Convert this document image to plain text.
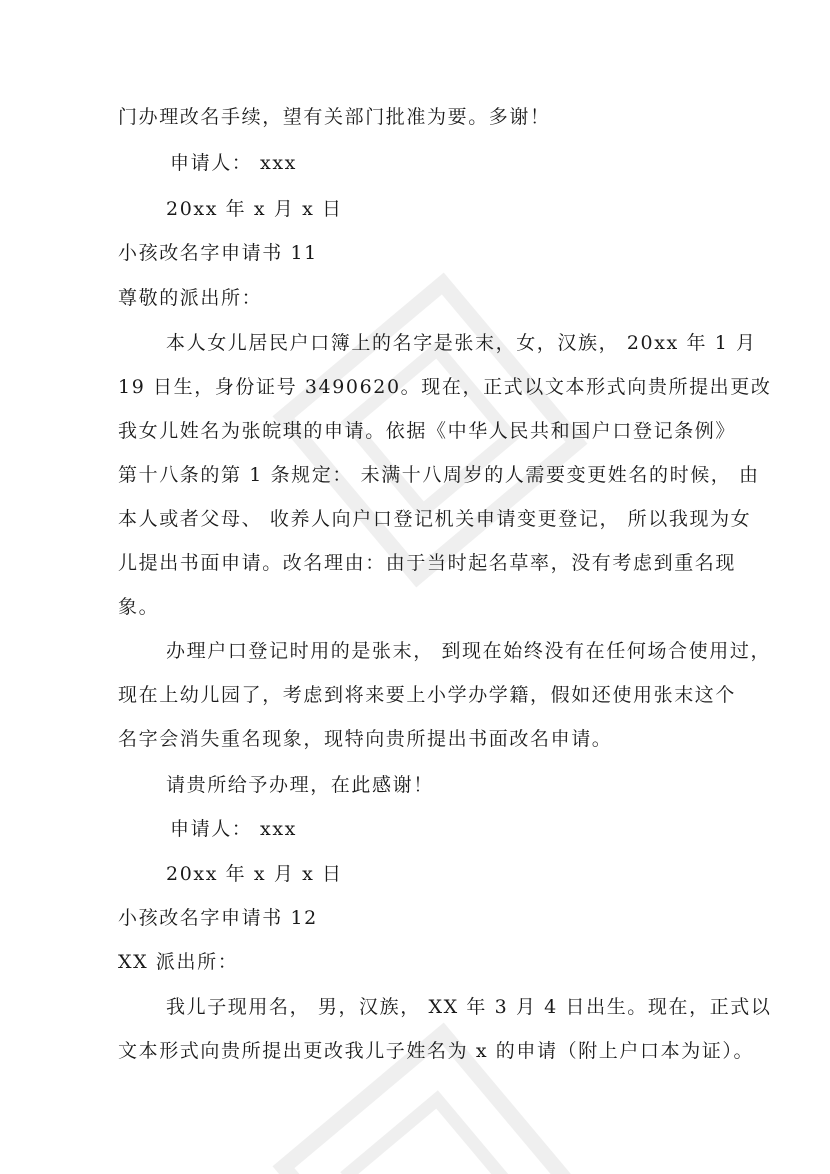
门办理改名手续，望有关部门批准为要。多谢！
申请人： xxx
20xx 年 x 月 x 日
小孩改名字申请书 11
尊敬的派出所：
本人女儿居民户口簿上的名字是张末，女，汉族， 20xx 年 1 月
19 日生，身份证号 3490620。现在，正式以文本形式向贵所提出更改
我女儿姓名为张皖琪的申请。依据《中华人民共和国户口登记条例》
第十八条的第 1 条规定： 未满十八周岁的人需要变更姓名的时候， 由
本人或者父母、 收养人向户口登记机关申请变更登记， 所以我现为女
儿提出书面申请。改名理由：由于当时起名草率，没有考虑到重名现
象。
办理户口登记时用的是张末， 到现在始终没有在任何场合使用过，
现在上幼儿园了，考虑到将来要上小学办学籍，假如还使用张末这个
名字会消失重名现象，现特向贵所提出书面改名申请。
请贵所给予办理，在此感谢！
申请人： xxx
20xx 年 x 月 x 日
小孩改名字申请书 12
XX 派出所：
我儿子现用名， 男，汉族， XX 年 3 月 4 日出生。现在，正式以
文本形式向贵所提出更改我儿子姓名为 x 的申请（附上户口本为证）。
